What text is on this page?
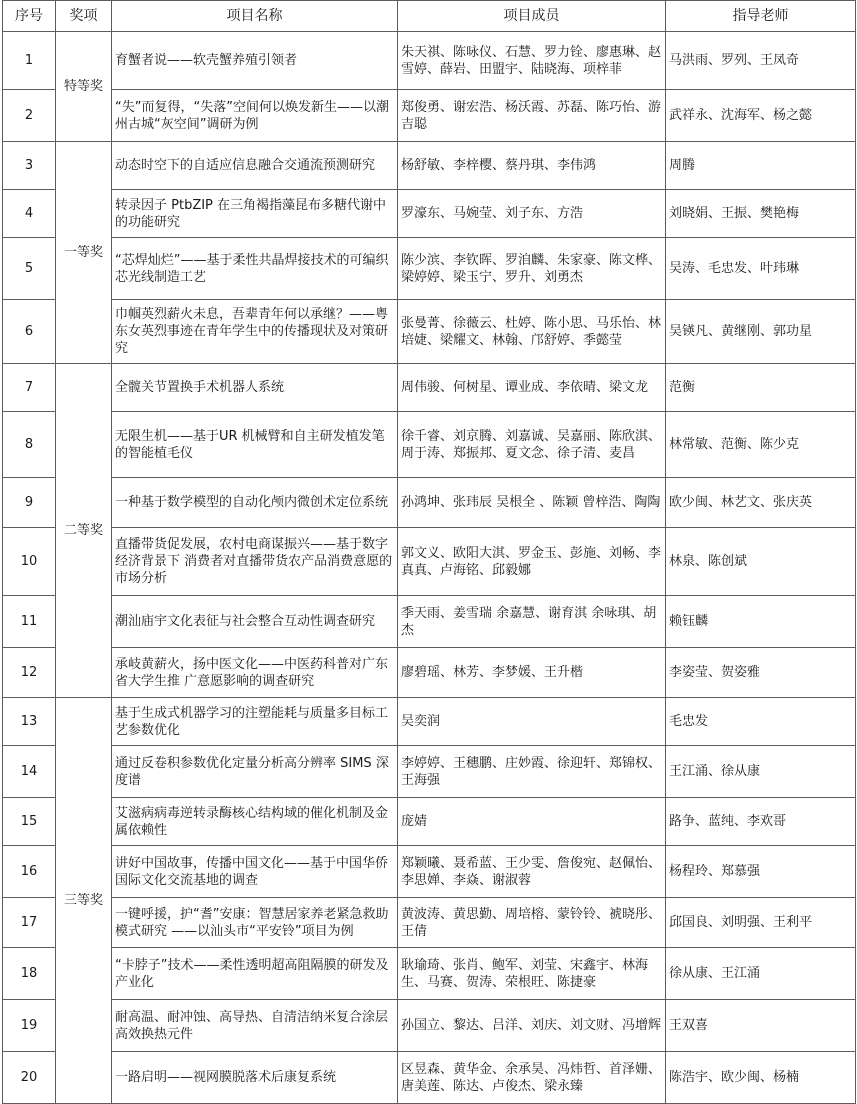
序号	奖项	项目名称	项目成员	指导老师
1	特等奖	育蟹者说——软壳蟹养殖引领者	朱天祺、陈咏仪、石慧、罗力铨、廖惠琳、赵雪婷、薛岩、田盟宇、陆晓海、项梓菲	马洪雨、罗列、王凤奇
2		“失”而复得，“失落”空间何以焕发新生——以潮州古城“灰空间”调研为例	郑俊勇、谢宏浩、杨沃霞、苏磊、陈巧怡、游吉聪	武祥永、沈海军、杨之懿
3	一等奖	动态时空下的自适应信息融合交通流预测研究	杨舒敏、李梓樱、蔡丹琪、李伟鸿	周腾
4		转录因子 PtbZIP 在三角褐指藻昆布多糖代谢中的功能研究	罗濠东、马婉莹、刘子东、方浩	刘晓娟、王振、樊艳梅
5		“芯焊灿烂”——基于柔性共晶焊接技术的可编织芯光线制造工艺	陈少滨、李钦晖、罗洎麟、朱家豪、陈文桦、梁婷婷、梁玉宁、罗升、刘勇杰	吴涛、毛忠发、叶玮琳
6		巾帼英烈薪火未息，吾辈青年何以承继？——粤东女英烈事迹在青年学生中的传播现状及对策研究	张曼菁、徐薇云、杜婷、陈小思、马乐怡、林培婕、梁耀文、林翰、邝舒婷、季懿莹	吴锳凡、黄继刚、郭功星
7	二等奖	全髋关节置换手术机器人系统	周伟骏、何树星、谭业成、李依晴、梁文龙	范衡
8		无限生机——基于UR 机械臂和自主研发植发笔的智能植毛仪	徐千睿、刘京腾、刘嘉诚、吴嘉丽、陈欣淇、周于涛、郑振邦、夏文念、徐子清、麦昌	林常敏、范衡、陈少克
9		一种基于数学模型的自动化颅内微创术定位系统	孙鸿坤、张玮辰 吴根全 、陈颖 曾梓浩、陶陶	欧少闽、林艺文、张庆英
10		直播带货促发展，农村电商谋振兴——基于数字经济背景下 消费者对直播带货农产品消费意愿的市场分析	郭文义、欧阳大淇、罗金玉、彭施、刘畅、李真真、卢海铭、邱毅娜	林泉、陈创斌
11		潮汕庙宇文化表征与社会整合互动性调查研究	季天雨、姜雪瑞 余嘉慧、谢育淇 余咏琪、胡杰	赖钰麟
12		承岐黄薪火，扬中医文化——中医药科普对广东省大学生推 广意愿影响的调查研究	廖碧瑶、林芳、李梦媛、王升楷	李姿莹、贺姿雅
13	三等奖	基于生成式机器学习的注塑能耗与质量多目标工艺参数优化	吴奕润	毛忠发
14		通过反卷积参数优化定量分析高分辨率 SIMS 深度谱	李婷婷、王穗鹏、庄妙霞、徐迎轩、郑锦权、王海强	王江涌、徐从康
15		艾滋病病毒逆转录酶核心结构域的催化机制及金属依赖性	庞婧	路争、蓝纯、李欢哥
16		讲好中国故事，传播中国文化——基于中国华侨国际文化交流基地的调查	郑颖曦、聂希蓝、王少雯、詹俊宛、赵佩怡、李思婵、李焱、谢淑蓉	杨程玲、郑慕强
17		一键呼援，护“耆”安康：智慧居家养老紧急救助模式研究 ——以汕头市“平安铃”项目为例	黄波涛、黄思勤、周培榕、蒙铃铃、裭晓彤、王倩	邱国良、刘明强、王利平
18		“卡脖子”技术——柔性透明超高阻隔膜的研发及产业化	耿瑜琦、张肖、鲍军、刘莹、宋鑫宇、林海生、马赛、贺涛、荣根旺、陈捷豪	徐从康、王江涌
19		耐高温、耐冲蚀、高导热、自清洁纳米复合涂层高效换热元件	孙国立、黎达、吕洋、刘庆、刘文财、冯增辉	王双喜
20		一路启明——视网膜脱落术后康复系统	区昱森、黄华金、余承昊、冯炜哲、首泽姗、唐美莲、陈达、卢俊杰、梁永臻	陈浩宇、欧少闽、杨楠
